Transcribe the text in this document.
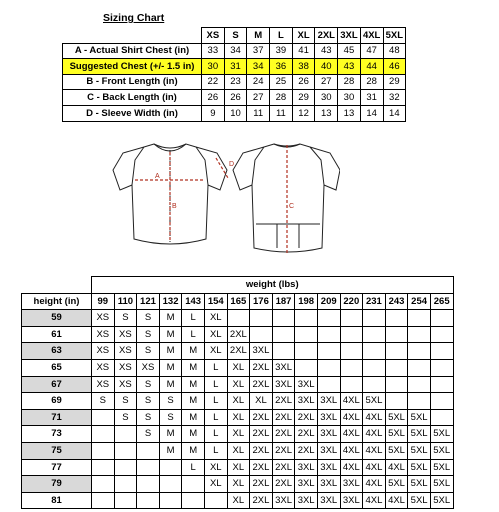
Sizing Chart
	XS	S	M	L	XL	2XL	3XL	4XL	5XL
A - Actual Shirt Chest (in)	33	34	37	39	41	43	45	47	48
Suggested Chest (+/- 1.5 in)	30	31	34	36	38	40	43	44	46
B - Front Length (in)	22	23	24	25	26	27	28	28	29
C - Back Length (in)	26	26	27	28	29	30	30	31	32
D - Sleeve Width (in)	9	10	11	11	12	13	13	14	14
A
B
D
C
	weight (lbs)															
height (in)	99	110	121	132	143	154	165	176	187	198	209	220	231	243	254	265
59	XS	S	S	M	L	XL										
61	XS	XS	S	M	L	XL	2XL									
63	XS	XS	S	M	M	XL	2XL	3XL								
65	XS	XS	XS	M	M	L	XL	2XL	3XL							
67	XS	XS	S	M	M	L	XL	2XL	3XL	3XL						
69	S	S	S	S	M	L	XL	XL	2XL	3XL	3XL	4XL	5XL			
71		S	S	S	M	L	XL	2XL	2XL	2XL	3XL	4XL	4XL	5XL	5XL	
73			S	M	M	L	XL	2XL	2XL	2XL	3XL	4XL	4XL	5XL	5XL	5XL
75				M	M	L	XL	2XL	2XL	2XL	3XL	4XL	4XL	5XL	5XL	5XL
77					L	XL	XL	2XL	2XL	3XL	3XL	4XL	4XL	4XL	5XL	5XL
79						XL	XL	2XL	2XL	3XL	3XL	3XL	4XL	5XL	5XL	5XL
81							XL	2XL	3XL	3XL	3XL	3XL	4XL	4XL	5XL	5XL
